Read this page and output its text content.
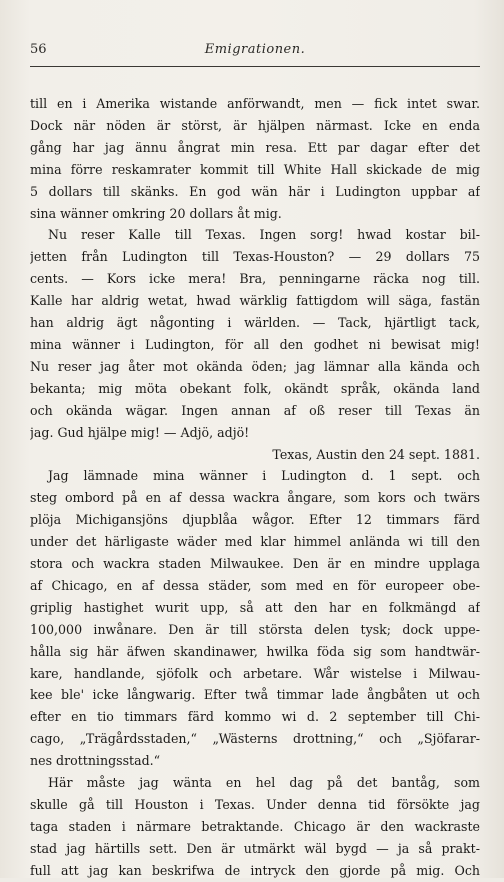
56	Emigrationen.
till en i Amerika wistande anförwandt, men — fick intet swar.
Dock när nöden är störst, är hjälpen närmast. Icke en enda
gång har jag ännu ångrat min resa. Ett par dagar efter det
mina förre reskamrater kommit till White Hall skickade de mig
5 dollars till skänks. En god wän här i Ludington uppbar af
sina wänner omkring 20 dollars åt mig.
Nu reser Kalle till Texas. Ingen sorg! hwad kostar bil-
jetten från Ludington till Texas-Houston? — 29 dollars 75
cents. — Kors icke mera! Bra, penningarne räcka nog till.
Kalle har aldrig wetat, hwad wärklig fattigdom will säga, fastän
han aldrig ägt någonting i wärlden. — Tack, hjärtligt tack,
mina wänner i Ludington, för all den godhet ni bewisat mig!
Nu reser jag åter mot okända öden; jag lämnar alla kända och
bekanta; mig möta obekant folk, okändt språk, okända land
och okända wägar. Ingen annan af oß reser till Texas än
jag. Gud hjälpe mig! — Adjö, adjö!
Texas, Austin den 24 sept. 1881.
Jag lämnade mina wänner i Ludington d. 1 sept. och
steg ombord på en af dessa wackra ångare, som kors och twärs
plöja Michigansjöns djupblåa wågor. Efter 12 timmars färd
under det härligaste wäder med klar himmel anlända wi till den
stora och wackra staden Milwaukee. Den är en mindre upplaga
af Chicago, en af dessa städer, som med en för europeer obe-
griplig hastighet wurit upp, så att den har en folkmängd af
100,000 inwånare. Den är till största delen tysk; dock uppe-
hålla sig här äfwen skandinawer, hwilka föda sig som handtwär-
kare, handlande, sjöfolk och arbetare. Wår wistelse i Milwau-
kee ble' icke långwarig. Efter twå timmar lade ångbåten ut och
efter en tio timmars färd kommo wi d. 2 september till Chi-
cago, „Trägårdsstaden,“ „Wästerns drottning,“ och „Sjöfarar-
nes drottningsstad.“
Här måste jag wänta en hel dag på det bantåg, som
skulle gå till Houston i Texas. Under denna tid försökte jag
taga staden i närmare betraktande. Chicago är den wackraste
stad jag härtills sett. Den är utmärkt wäl bygd — ja så prakt-
full att jag kan beskrifwa de intryck den gjorde på mig. Och
